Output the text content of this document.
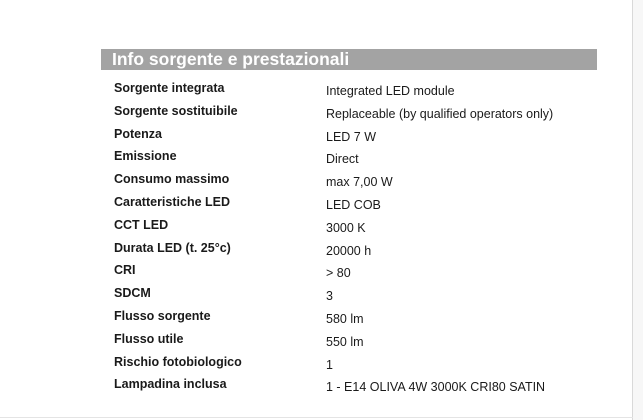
Info sorgente e prestazionali
Sorgente integrata	Integrated LED module
Sorgente sostituibile	Replaceable (by qualified operators only)
Potenza	LED 7 W
Emissione	Direct
Consumo massimo	max 7,00 W
Caratteristiche LED	LED COB
CCT LED	3000 K
Durata LED (t. 25°c)	20000 h
CRI	> 80
SDCM	3
Flusso sorgente	580 lm
Flusso utile	550 lm
Rischio fotobiologico	1
Lampadina inclusa	1 - E14 OLIVA 4W 3000K CRI80 SATIN
